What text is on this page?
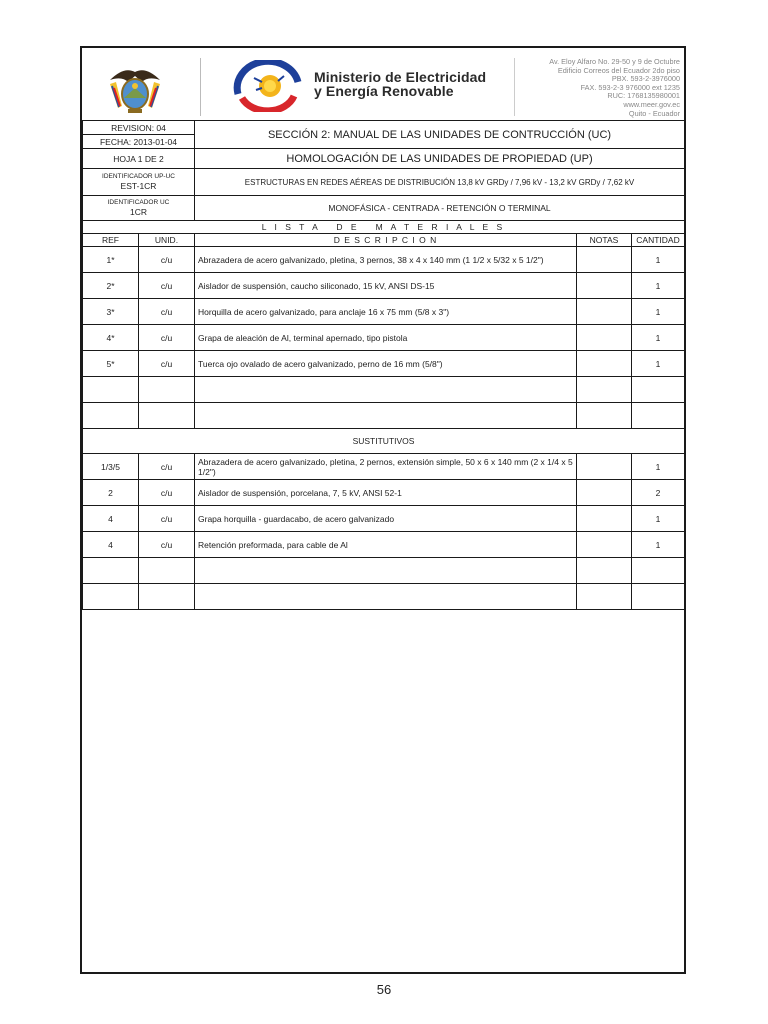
Ministerio de Electricidad
y Energía Renovable
Av. Eloy Alfaro No. 29-50 y 9 de Octubre
Edificio Correos del Ecuador 2do piso
PBX. 593-2-3976000
FAX. 593-2-3 976000 ext 1235
RUC: 1768135980001
www.meer.gov.ec
Quito - Ecuador
REVISION: 04		SECCIÓN 2: MANUAL DE LAS UNIDADES DE CONTRUCCIÓN (UC)		
FECHA: 2013-01-04				
HOJA 1 DE 2		HOMOLOGACIÓN DE LAS UNIDADES DE PROPIEDAD (UP)		

IDENTIFICADOR UP-UC
EST-1CR		ESTRUCTURAS EN REDES AÉREAS DE DISTRIBUCIÓN 13,8 kV GRDy / 7,96 kV - 13,2 kV GRDy / 7,62 kV		

IDENTIFICADOR UC
1CR		MONOFÁSICA - CENTRADA - RETENCIÓN O TERMINAL		
L I S T A   D E   M A T E R I A L E S				
REF	UNID.	D E S C R I P C I O N	NOTAS	CANTIDAD
1*	c/u	Abrazadera de acero galvanizado, pletina, 3 pernos, 38 x 4 x 140 mm (1 1/2 x 5/32 x 5 1/2")		1
2*	c/u	Aislador de suspensión, caucho siliconado, 15 kV, ANSI DS-15		1
3*	c/u	Horquilla de acero galvanizado, para anclaje 16 x 75 mm (5/8 x 3")		1
4*	c/u	Grapa de aleación de Al, terminal apernado, tipo pistola		1
5*	c/u	Tuerca ojo ovalado de acero galvanizado, perno de 16 mm (5/8")		1

SUSTITUTIVOS				
1/3/5	c/u	Abrazadera de acero galvanizado, pletina, 2 pernos, extensión simple, 50 x 6 x 140 mm (2 x 1/4 x 5 1/2")		1
2	c/u	Aislador de suspensión, porcelana, 7, 5 kV, ANSI 52-1		2
4	c/u	Grapa horquilla - guardacabo, de acero galvanizado		1
4	c/u	Retención preformada, para cable de Al		1

56
